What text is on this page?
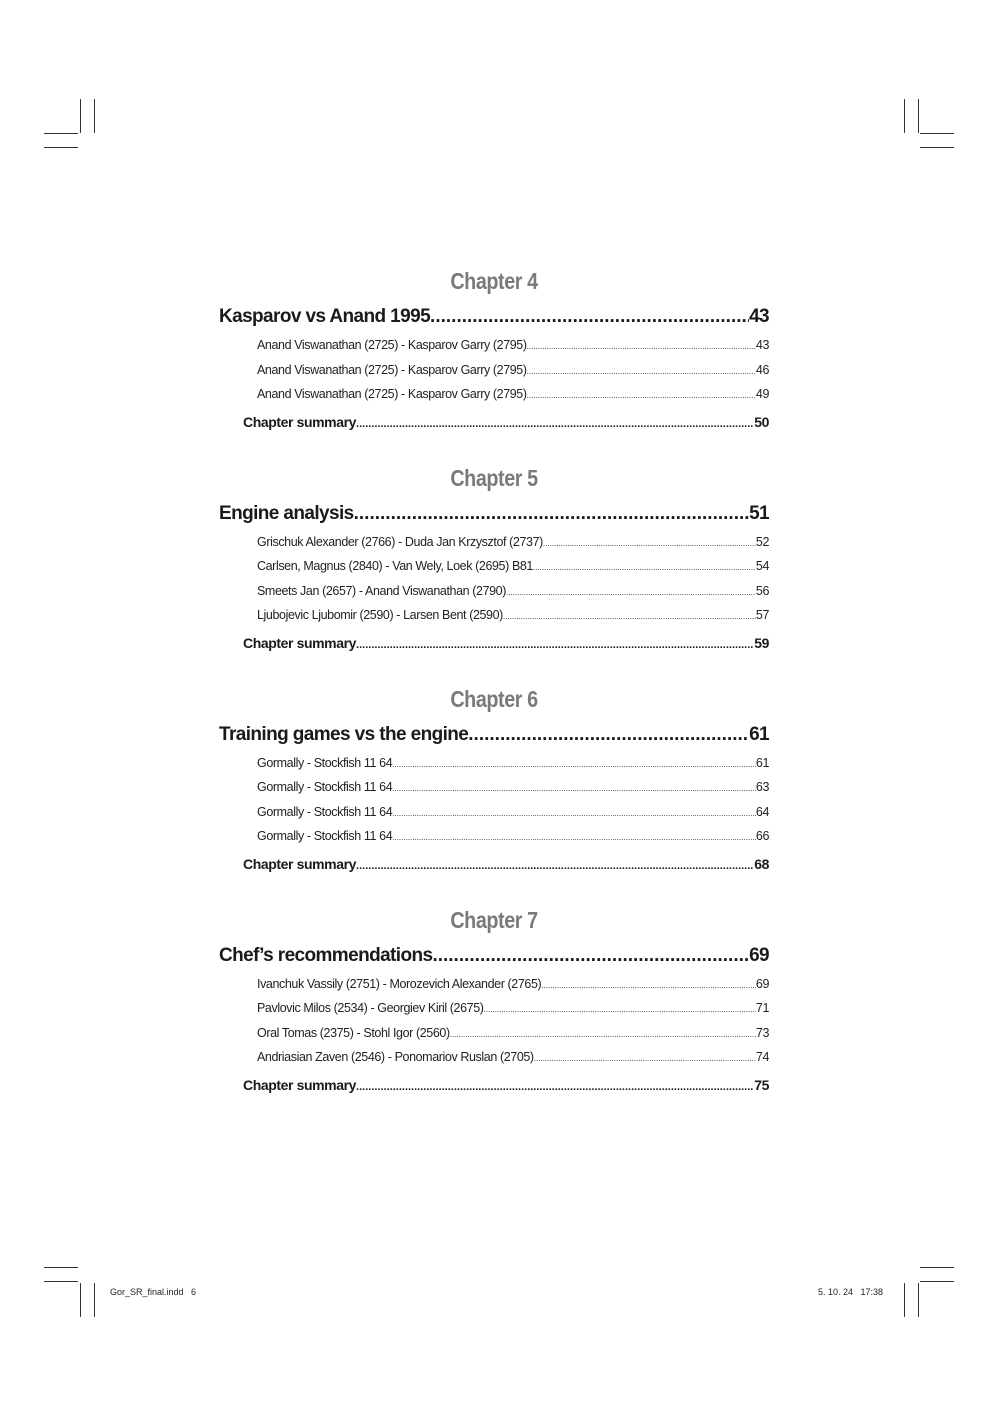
Chapter 4
Kasparov vs Anand 1995 .....	43
Anand Viswanathan (2725) - Kasparov Garry (2795) .....	43
Anand Viswanathan (2725) - Kasparov Garry (2795) .....	46
Anand Viswanathan (2725) - Kasparov Garry (2795) .....	49
Chapter summary .....	50
Chapter 5
Engine analysis .....	51
Grischuk Alexander (2766) - Duda Jan Krzysztof (2737) .....	52
Carlsen, Magnus (2840) - Van Wely, Loek (2695) B81 .....	54
Smeets Jan (2657) - Anand Viswanathan (2790) .....	56
Ljubojevic Ljubomir (2590) - Larsen Bent (2590) .....	57
Chapter summary .....	59
Chapter 6
Training games vs the engine .....	61
Gormally - Stockfish 11 64 .....	61
Gormally - Stockfish 11 64 .....	63
Gormally - Stockfish 11 64 .....	64
Gormally - Stockfish 11 64 .....	66
Chapter summary .....	68
Chapter 7
Chef’s recommendations .....	69
Ivanchuk Vassily (2751) - Morozevich Alexander (2765) .....	69
Pavlovic Milos (2534) - Georgiev Kiril (2675) .....	71
Oral Tomas (2375) - Stohl Igor (2560) .....	73
Andriasian Zaven (2546) - Ponomariov Ruslan (2705) .....	74
Chapter summary .....	75
Gor_SR_final.indd   6	5. 10. 24   17:38
